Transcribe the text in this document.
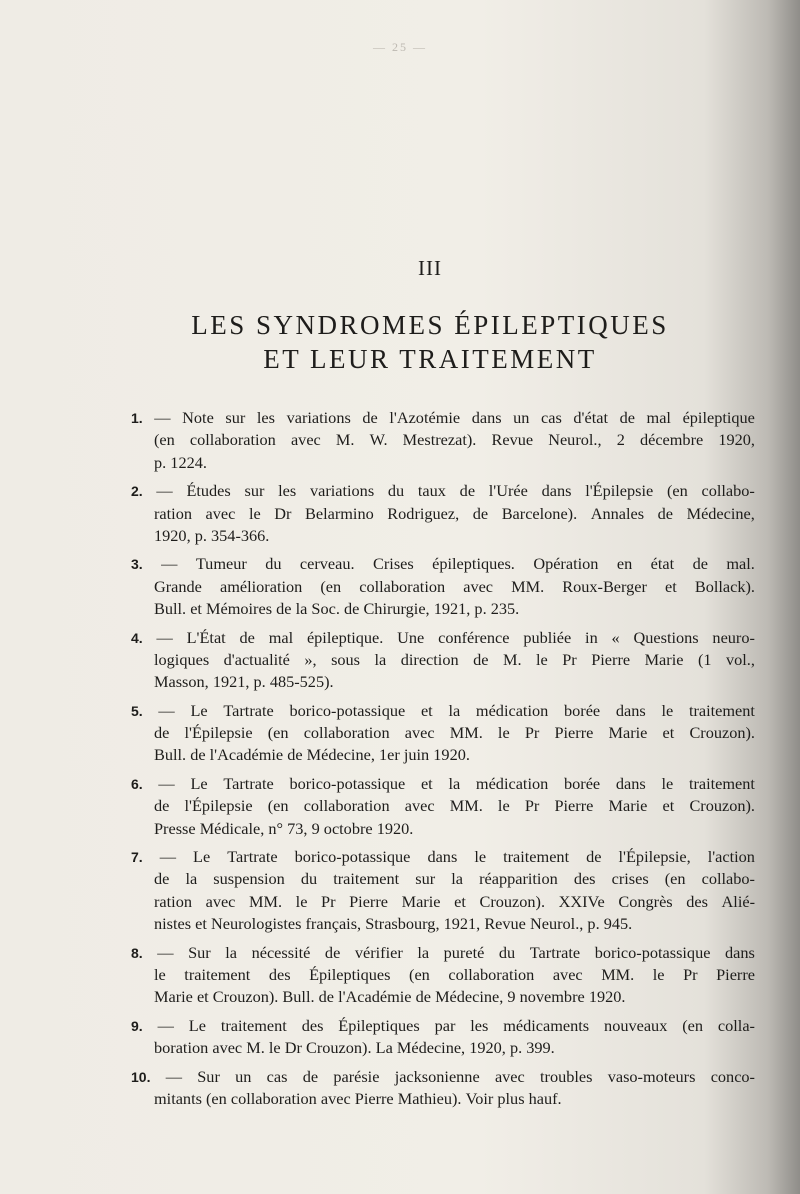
— 25 —
III
LES SYNDROMES ÉPILEPTIQUES
ET LEUR TRAITEMENT
1. — Note sur les variations de l'Azotémie dans un cas d'état de mal épileptique
(en collaboration avec M. W. Mestrezat). Revue Neurol., 2 décembre 1920,
p.
1224.
2. — Études sur les variations du taux de l'Urée dans l'Épilepsie (en collabo-
ration avec le Dr Belarmino Rodriguez, de Barcelone). Annales de Médecine,
1920,
p.
354-366.
3. — Tumeur du cerveau. Crises épileptiques. Opération en état de mal.
Grande amélioration (en collaboration avec MM. Roux-Berger et Bollack).
Bull.
et
Mémoires
de
la
Soc.
de
Chirurgie,
1921,
p.
235.
4. — L'État de mal épileptique. Une conférence publiée in « Questions neuro-
logiques d'actualité », sous la direction de M. le Pr Pierre Marie (1 vol.,
Masson,
1921,
p.
485-525).
5. — Le Tartrate borico-potassique et la médication borée dans le traitement
de l'Épilepsie (en collaboration avec MM. le Pr Pierre Marie et Crouzon).
Bull.
de
l'Académie
de
Médecine,
1er
juin
1920.
6. — Le Tartrate borico-potassique et la médication borée dans le traitement
de l'Épilepsie (en collaboration avec MM. le Pr Pierre Marie et Crouzon).
Presse
Médicale,
n°
73,
9
octobre
1920.
7. — Le Tartrate borico-potassique dans le traitement de l'Épilepsie, l'action
de la suspension du traitement sur la réapparition des crises (en collabo-
ration avec MM. le Pr Pierre Marie et Crouzon). XXIVe Congrès des Alié-
nistes
et
Neurologistes
français,
Strasbourg,
1921,
Revue
Neurol.,
p.
945.
8. — Sur la nécessité de vérifier la pureté du Tartrate borico-potassique dans
le traitement des Épileptiques (en collaboration avec MM. le Pr Pierre
Marie
et
Crouzon).
Bull.
de
l'Académie
de
Médecine,
9
novembre
1920.
9. — Le traitement des Épileptiques par les médicaments nouveaux (en colla-
boration
avec
M.
le
Dr
Crouzon).
La
Médecine,
1920,
p.
399.
10. — Sur un cas de parésie jacksonienne avec troubles vaso-moteurs conco-
mitants
(en
collaboration
avec
Pierre
Mathieu).
Voir
plus
hauf.
